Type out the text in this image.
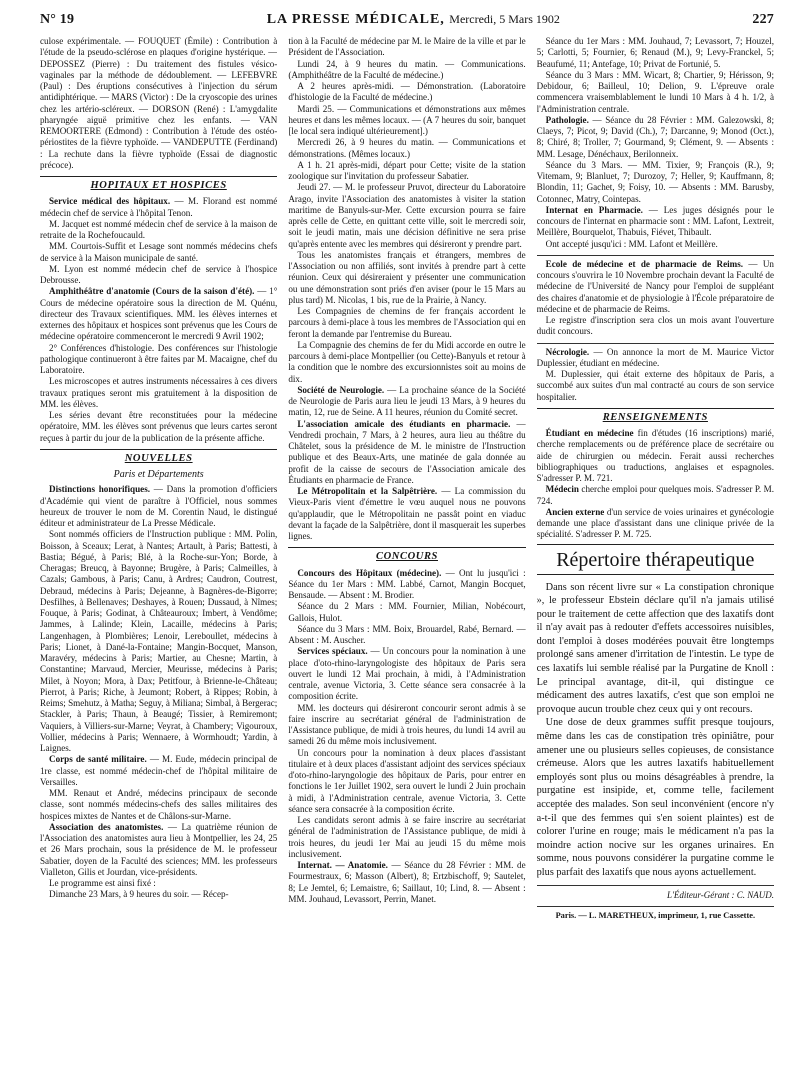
N° 19	LA PRESSE MÉDICALE, Mercredi, 5 Mars 1902	227

culose expérimentale. — FOUQUET (Émile) : Contribution à l'étude de la pseudo-sclérose en plaques d'origine hystérique. — DEPOSSEZ (Pierre) : Du traitement des fistules vésico-vaginales par la méthode de dédoublement. — LEFEBVRE (Paul) : Des éruptions consécutives à l'injection du sérum antidiphtérique. — MARS (Victor) : De la cryoscopie des urines chez les artério-scléreux. — DORSON (René) : L'amygdalite pharyngée aiguë primitive chez les enfants. — VAN REMOORTERE (Edmond) : Contribution à l'étude des ostéo-périostites de la fièvre typhoïde. — VANDEPUTTE (Ferdinand) : La rechute dans la fièvre typhoïde (Essai de diagnostic précoce).

HOPITAUX ET HOSPICES

Service médical des hôpitaux. — M. Florand est nommé médecin chef de service à l'hôpital Tenon.

M. Jacquet est nommé médecin chef de service à la maison de retraite de la Rochefoucauld.

MM. Courtois-Suffit et Lesage sont nommés médecins chefs de service à la Maison municipale de santé.

M. Lyon est nommé médecin chef de service à l'hospice Debrousse.

Amphithéâtre d'anatomie (Cours de la saison d'été). — 1° Cours de médecine opératoire sous la direction de M. Quénu, directeur des Travaux scientifiques. MM. les élèves internes et externes des hôpitaux et hospices sont prévenus que les Cours de médecine opératoire commenceront le mercredi 9 Avril 1902;

2° Conférences d'histologie. Des conférences sur l'histologie pathologique continueront à être faites par M. Macaigne, chef du Laboratoire.

Les microscopes et autres instruments nécessaires à ces divers travaux pratiques seront mis gratuitement à la disposition de MM. les élèves.

Les séries devant être reconstituées pour la médecine opératoire, MM. les élèves sont prévenus que leurs cartes seront reçues à partir du jour de la publication de la présente affiche.

NOUVELLES
Paris et Départements

Distinctions honorifiques. — Dans la promotion d'officiers d'Académie qui vient de paraître à l'Officiel, nous sommes heureux de trouver le nom de M. Corentin Naud, le distingué éditeur et administrateur de La Presse Médicale.

Sont nommés officiers de l'Instruction publique : MM. Polin, Boisson, à Sceaux; Lerat, à Nantes; Artault, à Paris; Battesti, à Bastia; Bégué, à Paris; Blé, à la Roche-sur-Yon; Borde, à Cheragas; Breucq, à Bayonne; Brugère, à Paris; Calmeilles, à Cazals; Gambous, à Paris; Canu, à Ardres; Caudron, Coutrest, Debraud, médecins à Paris; Dejeanne, à Bagnères-de-Bigorre; Desfilhes, à Bellenaves; Deshayes, à Rouen; Dussaud, à Nîmes; Fouque, à Paris; Godinat, à Châteauroux; Imbert, à Vendôme; Jammes, à Lalinde; Klein, Lacaille, médecins à Paris; Langenhagen, à Plombières; Lenoir, Lereboullet, médecins à Paris; Lionet, à Dané-la-Fontaine; Mangin-Bocquet, Manson, Maravéry, médecins à Paris; Martier, au Chesne; Martin, à Constantine; Marvaud, Mercier, Meurisse, médecins à Paris; Milet, à Noyon; Mora, à Dax; Petitfour, à Brienne-le-Château; Pierrot, à Paris; Riche, à Jeumont; Robert, à Rippes; Robin, à Reims; Smehutz, à Matha; Seguy, à Miliana; Simbal, à Bergerac; Stackler, à Paris; Thaun, à Beaugé; Tissier, à Remiremont; Vaquiers, à Villiers-sur-Marne; Veyrat, à Chambery; Vigouroux, Vollier, médecins à Paris; Wennaere, à Wormhoudt; Yardin, à Laignes.

Corps de santé militaire. — M. Eude, médecin principal de 1re classe, est nommé médecin-chef de l'hôpital militaire de Versailles.

MM. Renaut et André, médecins principaux de seconde classe, sont nommés médecins-chefs des salles militaires des hospices mixtes de Nantes et de Châlons-sur-Marne.

Association des anatomistes. — La quatrième réunion de l'Association des anatomistes aura lieu à Montpellier, les 24, 25 et 26 Mars prochain, sous la présidence de M. le professeur Sabatier, doyen de la Faculté des sciences; MM. les professeurs Vialleton, Gilis et Jourdan, vice-présidents.

Le programme est ainsi fixé :

Dimanche 23 Mars, à 9 heures du soir. — Récep-

tion à la Faculté de médecine par M. le Maire de la ville et par le Président de l'Association.

Lundi 24, à 9 heures du matin. — Communications. (Amphithéâtre de la Faculté de médecine.)

A 2 heures après-midi. — Démonstration. (Laboratoire d'histologie de la Faculté de médecine.)

Mardi 25. — Communications et démonstrations aux mêmes heures et dans les mêmes locaux. — (A 7 heures du soir, banquet [le local sera indiqué ultérieurement].)

Mercredi 26, à 9 heures du matin. — Communications et démonstrations. (Mêmes locaux.)

A 1 h. 21 après-midi, départ pour Cette; visite de la station zoologique sur l'invitation du professeur Sabatier.

Jeudi 27. — M. le professeur Pruvot, directeur du Laboratoire Arago, invite l'Association des anatomistes à visiter la station maritime de Banyuls-sur-Mer. Cette excursion pourra se faire après celle de Cette, en quittant cette ville, soit le mercredi soir, soit le jeudi matin, mais une décision définitive ne sera prise qu'après entente avec les membres qui désireront y prendre part.

Tous les anatomistes français et étrangers, membres de l'Association ou non affiliés, sont invités à prendre part à cette réunion. Ceux qui désireraient y présenter une communication ou une démonstration sont priés d'en aviser (pour le 15 Mars au plus tard) M. Nicolas, 1 bis, rue de la Prairie, à Nancy.

Les Compagnies de chemins de fer français accordent le parcours à demi-place à tous les membres de l'Association qui en feront la demande par l'entremise du Bureau.

La Compagnie des chemins de fer du Midi accorde en outre le parcours à demi-place Montpellier (ou Cette)-Banyuls et retour à la condition que le nombre des excursionnistes soit au moins de dix.

Société de Neurologie. — La prochaine séance de la Société de Neurologie de Paris aura lieu le jeudi 13 Mars, à 9 heures du matin, 12, rue de Seine. A 11 heures, réunion du Comité secret.

L'association amicale des étudiants en pharmacie. — Vendredi prochain, 7 Mars, à 2 heures, aura lieu au théâtre du Châtelet, sous la présidence de M. le ministre de l'Instruction publique et des Beaux-Arts, une matinée de gala donnée au profit de la caisse de secours de l'Association amicale des Étudiants en pharmacie de France.

Le Métropolitain et la Salpêtrière. — La commission du Vieux-Paris vient d'émettre le vœu auquel nous ne pouvons qu'applaudir, que le Métropolitain ne passât point en viaduc devant la façade de la Salpêtrière, dont il masquerait les superbes lignes.

CONCOURS

Concours des Hôpitaux (médecine). — Ont lu jusqu'ici : Séance du 1er Mars : MM. Labbé, Carnot, Mangin Bocquet, Bensaude. — Absent : M. Brodier.

Séance du 2 Mars : MM. Fournier, Milian, Nobécourt, Gallois, Hulot.

Séance du 3 Mars : MM. Boix, Brouardel, Rabé, Bernard. — Absent : M. Auscher.

Services spéciaux. — Un concours pour la nomination à une place d'oto-rhino-laryngologiste des hôpitaux de Paris sera ouvert le lundi 12 Mai prochain, à midi, à l'Administration centrale, avenue Victoria, 3. Cette séance sera consacrée à la composition écrite.

MM. les docteurs qui désireront concourir seront admis à se faire inscrire au secrétariat général de l'administration de l'Assistance publique, de midi à trois heures, du lundi 14 avril au samedi 26 du même mois inclusivement.

Un concours pour la nomination à deux places d'assistant titulaire et à deux places d'assistant adjoint des services spéciaux d'oto-rhino-laryngologie des hôpitaux de Paris, pour entrer en fonctions le 1er Juillet 1902, sera ouvert le lundi 2 Juin prochain à midi, à l'Administration centrale, avenue Victoria, 3. Cette séance sera consacrée à la composition écrite.

Les candidats seront admis à se faire inscrire au secrétariat général de l'administration de l'Assistance publique, de midi à trois heures, du jeudi 1er Mai au jeudi 15 du même mois inclusivement.

Internat. — Anatomie. — Séance du 28 Février : MM. de Fourmestraux, 6; Masson (Albert), 8; Ertzbischoff, 9; Sautelet, 8; Le Jemtel, 6; Lemaistre, 6; Saillaut, 10; Lind, 8. — Absent : MM. Jouhaud, Levassort, Perrin, Manet.

Séance du 1er Mars : MM. Jouhaud, 7; Levassort, 7; Houzel, 5; Carlotti, 5; Fournier, 6; Renaud (M.), 9; Levy-Franckel, 5; Beaufumé, 11; Antefage, 10; Privat de Fortunié, 5.

Séance du 3 Mars : MM. Wicart, 8; Chartier, 9; Hérisson, 9; Debidour, 6; Bailleul, 10; Delion, 9. L'épreuve orale commencera vraisemblablement le lundi 10 Mars à 4 h. 1/2, à l'Administration centrale.

Pathologie. — Séance du 28 Février : MM. Galezowski, 8; Claeys, 7; Picot, 9; David (Ch.), 7; Darcanne, 9; Monod (Oct.), 8; Chiré, 8; Troller, 7; Gourmand, 9; Clément, 9. — Absents : MM. Lesage, Dénéchaux, Berilonneix.

Séance du 3 Mars. — MM. Tixier, 9; François (R.), 9; Vitemam, 9; Blanluet, 7; Durozoy, 7; Heller, 9; Kauffmann, 8; Blondin, 11; Gachet, 9; Foisy, 10. — Absents : MM. Barusby, Cotonnec, Matry, Cointepas.

Internat en Pharmacie. — Les juges désignés pour le concours de l'internat en pharmacie sont : MM. Lafont, Lextreit, Meillère, Bourquelot, Thabuis, Fiévet, Thibault.

Ont accepté jusqu'ici : MM. Lafont et Meillère.

Ecole de médecine et de pharmacie de Reims. — Un concours s'ouvrira le 10 Novembre prochain devant la Faculté de médecine de l'Université de Nancy pour l'emploi de suppléant des chaires d'anatomie et de physiologie à l'École préparatoire de médecine et de pharmacie de Reims.

Le registre d'inscription sera clos un mois avant l'ouverture dudit concours.

Nécrologie. — On annonce la mort de M. Maurice Victor Duplessier, étudiant en médecine.

M. Duplessier, qui était externe des hôpitaux de Paris, a succombé aux suites d'un mal contracté au cours de son service hospitalier.

RENSEIGNEMENTS

Étudiant en médecine fin d'études (16 inscriptions) marié, cherche remplacements ou de préférence place de secrétaire ou aide de chirurgien ou médecin. Ferait aussi recherches bibliographiques ou traductions, anglaises et espagnoles. S'adresser P. M. 721.

Médecin cherche emploi pour quelques mois. S'adresser P. M. 724.

Ancien externe d'un service de voies urinaires et gynécologie demande une place d'assistant dans une clinique privée de la spécialité. S'adresser P. M. 725.

Répertoire thérapeutique

Dans son récent livre sur « La constipation chronique », le professeur Ebstein déclare qu'il n'a jamais utilisé pour le traitement de cette affection que des laxatifs dont il n'ay avait pas à redouter d'effets accessoires nuisibles, dont l'emploi à doses modérées pouvait être longtemps prolongé sans amener d'irritation de l'intestin. Le type de ces laxatifs lui semble réalisé par la Purgatine de Knoll : Le principal avantage, dit-il, qui distingue ce médicament des autres laxatifs, c'est que son emploi ne provoque aucun trouble chez ceux qui y ont recours.

Une dose de deux grammes suffit presque toujours, même dans les cas de constipation très opiniâtre, pour amener une ou plusieurs selles copieuses, de consistance crémeuse. Alors que les autres laxatifs habituellement employés sont plus ou moins désagréables à prendre, la purgatine est insipide, et, comme telle, facilement acceptée des malades. Son seul inconvénient (encore n'y a-t-il que des femmes qui s'en soient plaintes) est de colorer l'urine en rouge; mais le médicament n'a pas la moindre action nocive sur les organes urinaires. En somme, nous pouvons considérer la purgatine comme le plus parfait des laxatifs que nous ayons actuellement.

L'Éditeur-Gérant : C. NAUD.
Paris. — L. MARETHEUX, imprimeur, 1, rue Cassette.
